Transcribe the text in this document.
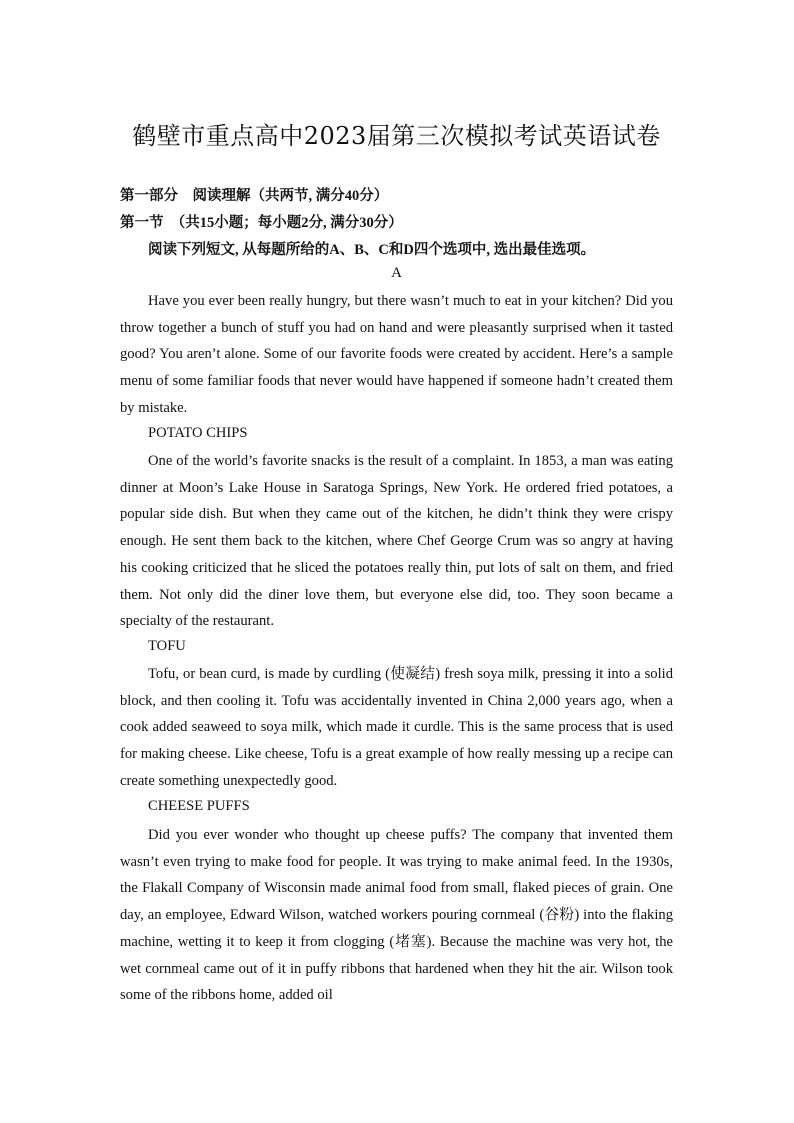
鹤壁市重点高中2023届第三次模拟考试英语试卷
第一部分　阅读理解（共两节, 满分40分）
第一节　（共15小题；每小题2分, 满分30分）
阅读下列短文, 从每题所给的A、B、C和D四个选项中, 选出最佳选项。
A
Have you ever been really hungry, but there wasn’t much to eat in your kitchen? Did you throw together a bunch of stuff you had on hand and were pleasantly surprised when it tasted good? You aren’t alone. Some of our favorite foods were created by accident. Here’s a sample menu of some familiar foods that never would have happened if someone hadn’t created them by mistake.
POTATO CHIPS
One of the world’s favorite snacks is the result of a complaint. In 1853, a man was eating dinner at Moon’s Lake House in Saratoga Springs, New York. He ordered fried potatoes, a popular side dish. But when they came out of the kitchen, he didn’t think they were crispy enough. He sent them back to the kitchen, where Chef George Crum was so angry at having his cooking criticized that he sliced the potatoes really thin, put lots of salt on them, and fried them. Not only did the diner love them, but everyone else did, too. They soon became a specialty of the restaurant.
TOFU
Tofu, or bean curd, is made by curdling (使凝结) fresh soya milk, pressing it into a solid block, and then cooling it. Tofu was accidentally invented in China 2,000 years ago, when a cook added seaweed to soya milk, which made it curdle. This is the same process that is used for making cheese. Like cheese, Tofu is a great example of how really messing up a recipe can create something unexpectedly good.
CHEESE PUFFS
Did you ever wonder who thought up cheese puffs? The company that invented them wasn’t even trying to make food for people. It was trying to make animal feed. In the 1930s, the Flakall Company of Wisconsin made animal food from small, flaked pieces of grain. One day, an employee, Edward Wilson, watched workers pouring cornmeal (谷粉) into the flaking machine, wetting it to keep it from clogging (堵塞). Because the machine was very hot, the wet cornmeal came out of it in puffy ribbons that hardened when they hit the air. Wilson took some of the ribbons home, added oil
